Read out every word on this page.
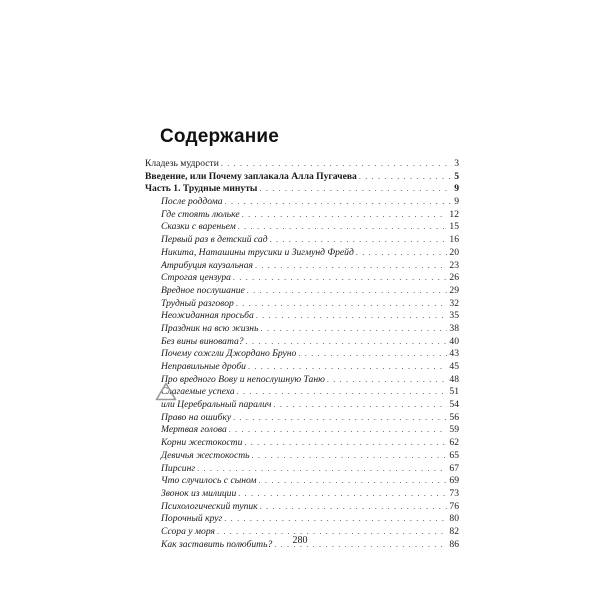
Содержание
Кладезь мудрости . . .	3
Введение, или Почему заплакала Алла Пугачева . . .	5
Часть 1. Трудные минуты . . .	9
После роддома . . .	9
Где стоять люльке . . .	12
Сказки с вареньем . . .	15
Первый раз в детский сад . . .	16
Никита, Наташины трусики и Зигмунд Фрейд . . .	20
Атрибуция каузальная . . .	23
Строгая цензура . . .	26
Вредное послушание . . .	29
Трудный разговор . . .	32
Неожиданная просьба . . .	35
Праздник на всю жизнь . . .	38
Без вины виновата? . . .	40
Почему сожгли Джордано Бруно . . .	43
Неправильные дроби . . .	45
Про вредного Вову и непослушную Таню . . .	48
Слагаемые успеха . . .	51
или Церебральный паралич . . .	54
Право на ошибку . . .	56
Мертвая голова . . .	59
Корни жестокости . . .	62
Девичья жестокость . . .	65
Пирсинг . . .	67
Что случилось с сыном . . .	69
Звонок из милиции . . .	73
Психологический тупик . . .	76
Порочный круг . . .	80
Ссора у моря . . .	82
Как заставить полюбить? . . .	86
280
